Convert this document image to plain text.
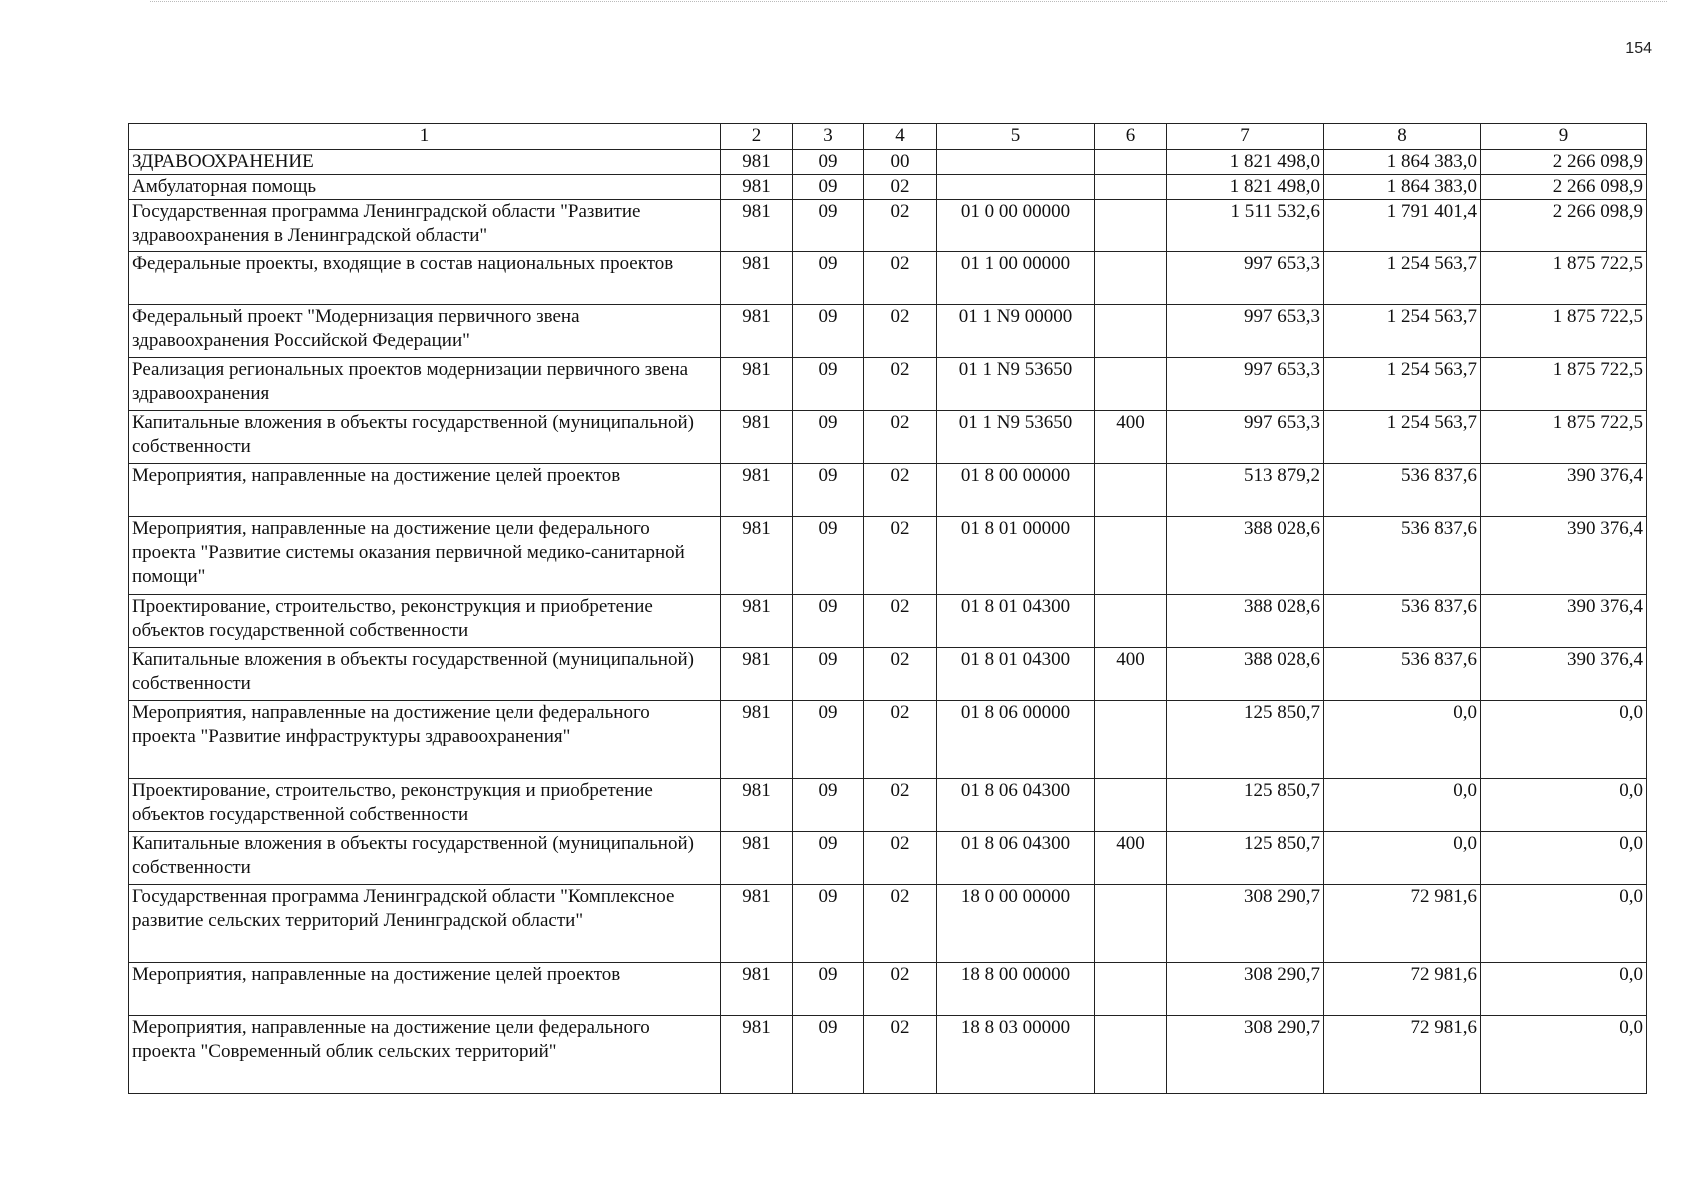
154
1	2	3	4	5	6	7	8	9
ЗДРАВООХРАНЕНИЕ	981	09	00			1 821 498,0	1 864 383,0	2 266 098,9
Амбулаторная помощь	981	09	02			1 821 498,0	1 864 383,0	2 266 098,9
Государственная программа Ленинградской области "Развитие здравоохранения в Ленинградской области"	981	09	02	01 0 00 00000		1 511 532,6	1 791 401,4	2 266 098,9
Федеральные проекты, входящие в состав национальных проектов	981	09	02	01 1 00 00000		997 653,3	1 254 563,7	1 875 722,5
Федеральный проект "Модернизация первичного звена здравоохранения Российской Федерации"	981	09	02	01 1 N9 00000		997 653,3	1 254 563,7	1 875 722,5
Реализация региональных проектов модернизации первичного звена здравоохранения	981	09	02	01 1 N9 53650		997 653,3	1 254 563,7	1 875 722,5
Капитальные вложения в объекты государственной (муниципальной) собственности	981	09	02	01 1 N9 53650	400	997 653,3	1 254 563,7	1 875 722,5
Мероприятия, направленные на достижение целей проектов	981	09	02	01 8 00 00000		513 879,2	536 837,6	390 376,4
Мероприятия, направленные на достижение цели федерального проекта "Развитие системы оказания первичной медико-санитарной помощи"	981	09	02	01 8 01 00000		388 028,6	536 837,6	390 376,4
Проектирование, строительство, реконструкция и приобретение объектов государственной собственности	981	09	02	01 8 01 04300		388 028,6	536 837,6	390 376,4
Капитальные вложения в объекты государственной (муниципальной) собственности	981	09	02	01 8 01 04300	400	388 028,6	536 837,6	390 376,4
Мероприятия, направленные на достижение цели федерального проекта "Развитие инфраструктуры здравоохранения"	981	09	02	01 8 06 00000		125 850,7	0,0	0,0
Проектирование, строительство, реконструкция и приобретение объектов государственной собственности	981	09	02	01 8 06 04300		125 850,7	0,0	0,0
Капитальные вложения в объекты государственной (муниципальной) собственности	981	09	02	01 8 06 04300	400	125 850,7	0,0	0,0
Государственная программа Ленинградской области "Комплексное развитие сельских территорий Ленинградской области"	981	09	02	18 0 00 00000		308 290,7	72 981,6	0,0
Мероприятия, направленные на достижение целей проектов	981	09	02	18 8 00 00000		308 290,7	72 981,6	0,0
Мероприятия, направленные на достижение цели федерального проекта "Современный облик сельских территорий"	981	09	02	18 8 03 00000		308 290,7	72 981,6	0,0
